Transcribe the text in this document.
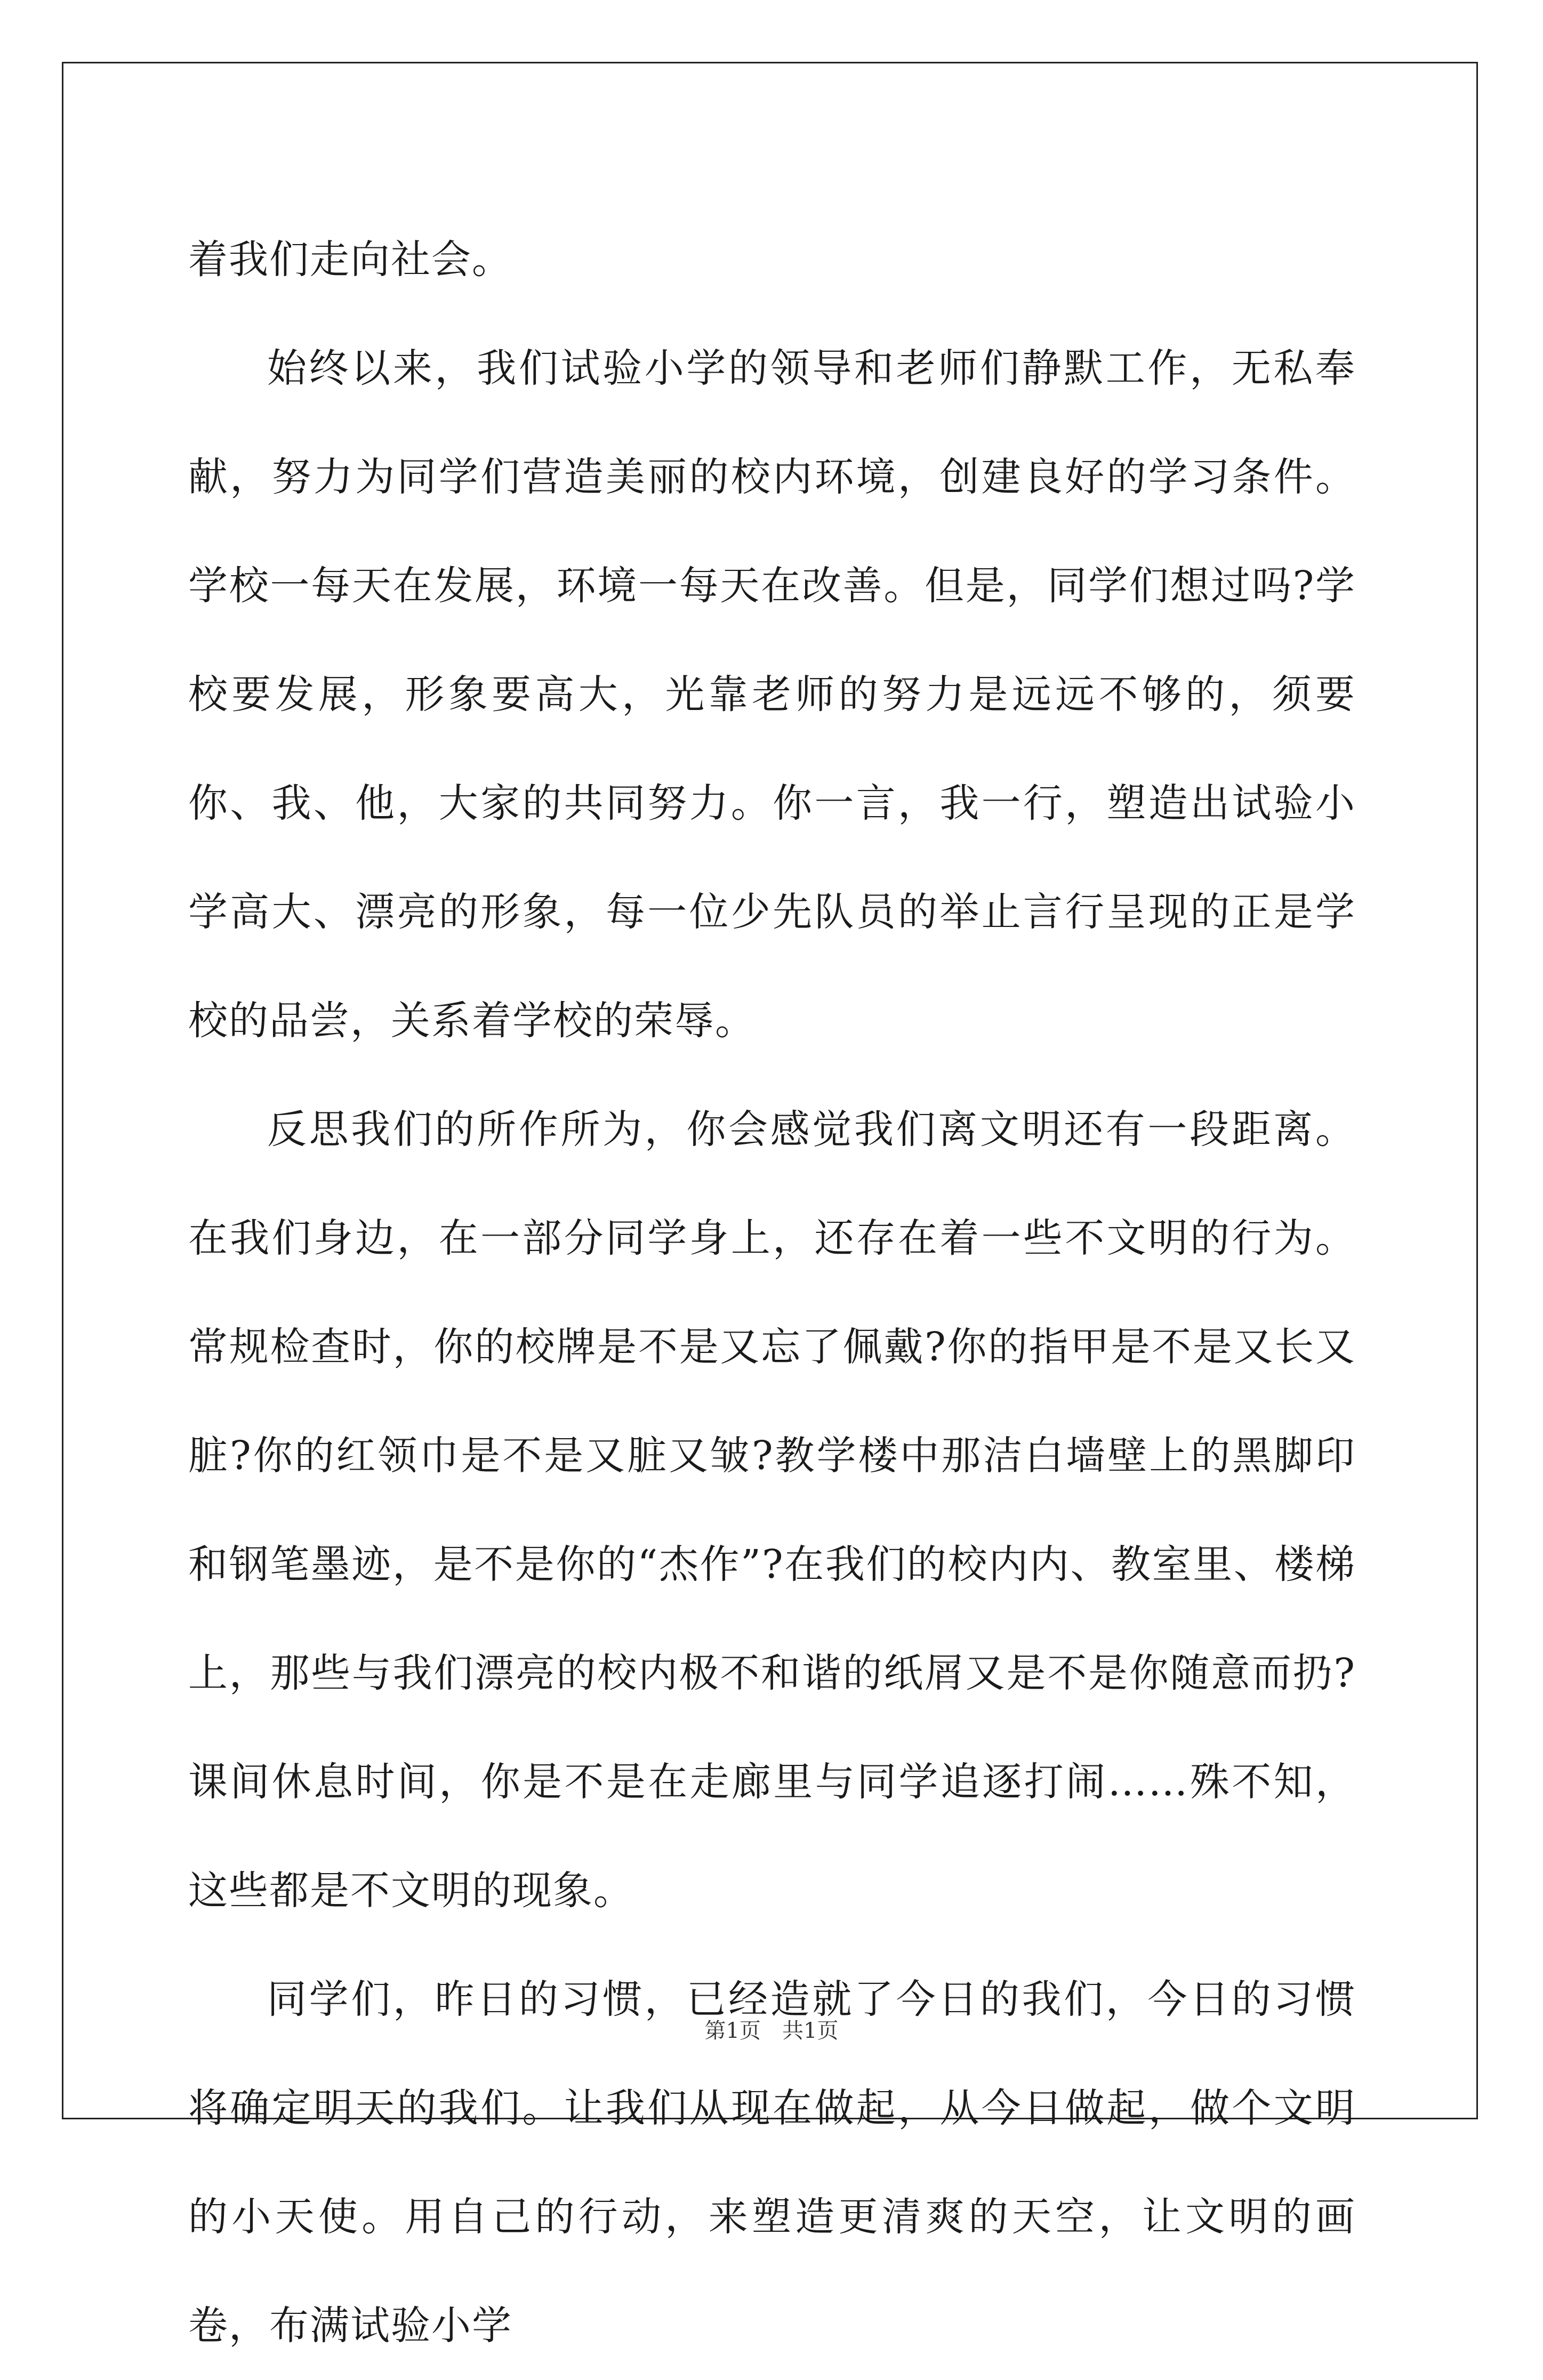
着我们走向社会。

始终以来，我们试验小学的领导和老师们静默工作，无私奉献，努力为同学们营造美丽的校内环境，创建良好的学习条件。学校一每天在发展，环境一每天在改善。但是，同学们想过吗?学校要发展，形象要高大，光靠老师的努力是远远不够的，须要你、我、他，大家的共同努力。你一言，我一行，塑造出试验小学高大、漂亮的形象，每一位少先队员的举止言行呈现的正是学校的品尝，关系着学校的荣辱。

反思我们的所作所为，你会感觉我们离文明还有一段距离。在我们身边，在一部分同学身上，还存在着一些不文明的行为。常规检查时，你的校牌是不是又忘了佩戴?你的指甲是不是又长又脏?你的红领巾是不是又脏又皱?教学楼中那洁白墙壁上的黑脚印和钢笔墨迹，是不是你的“杰作”?在我们的校内内、教室里、楼梯上，那些与我们漂亮的校内极不和谐的纸屑又是不是你随意而扔?课间休息时间，你是不是在走廊里与同学追逐打闹……殊不知，这些都是不文明的现象。

同学们，昨日的习惯，已经造就了今日的我们，今日的习惯将确定明天的我们。让我们从现在做起，从今日做起，做个文明的小天使。用自己的行动，来塑造更清爽的天空，让文明的画卷，布满试验小学

第1页 共1页
